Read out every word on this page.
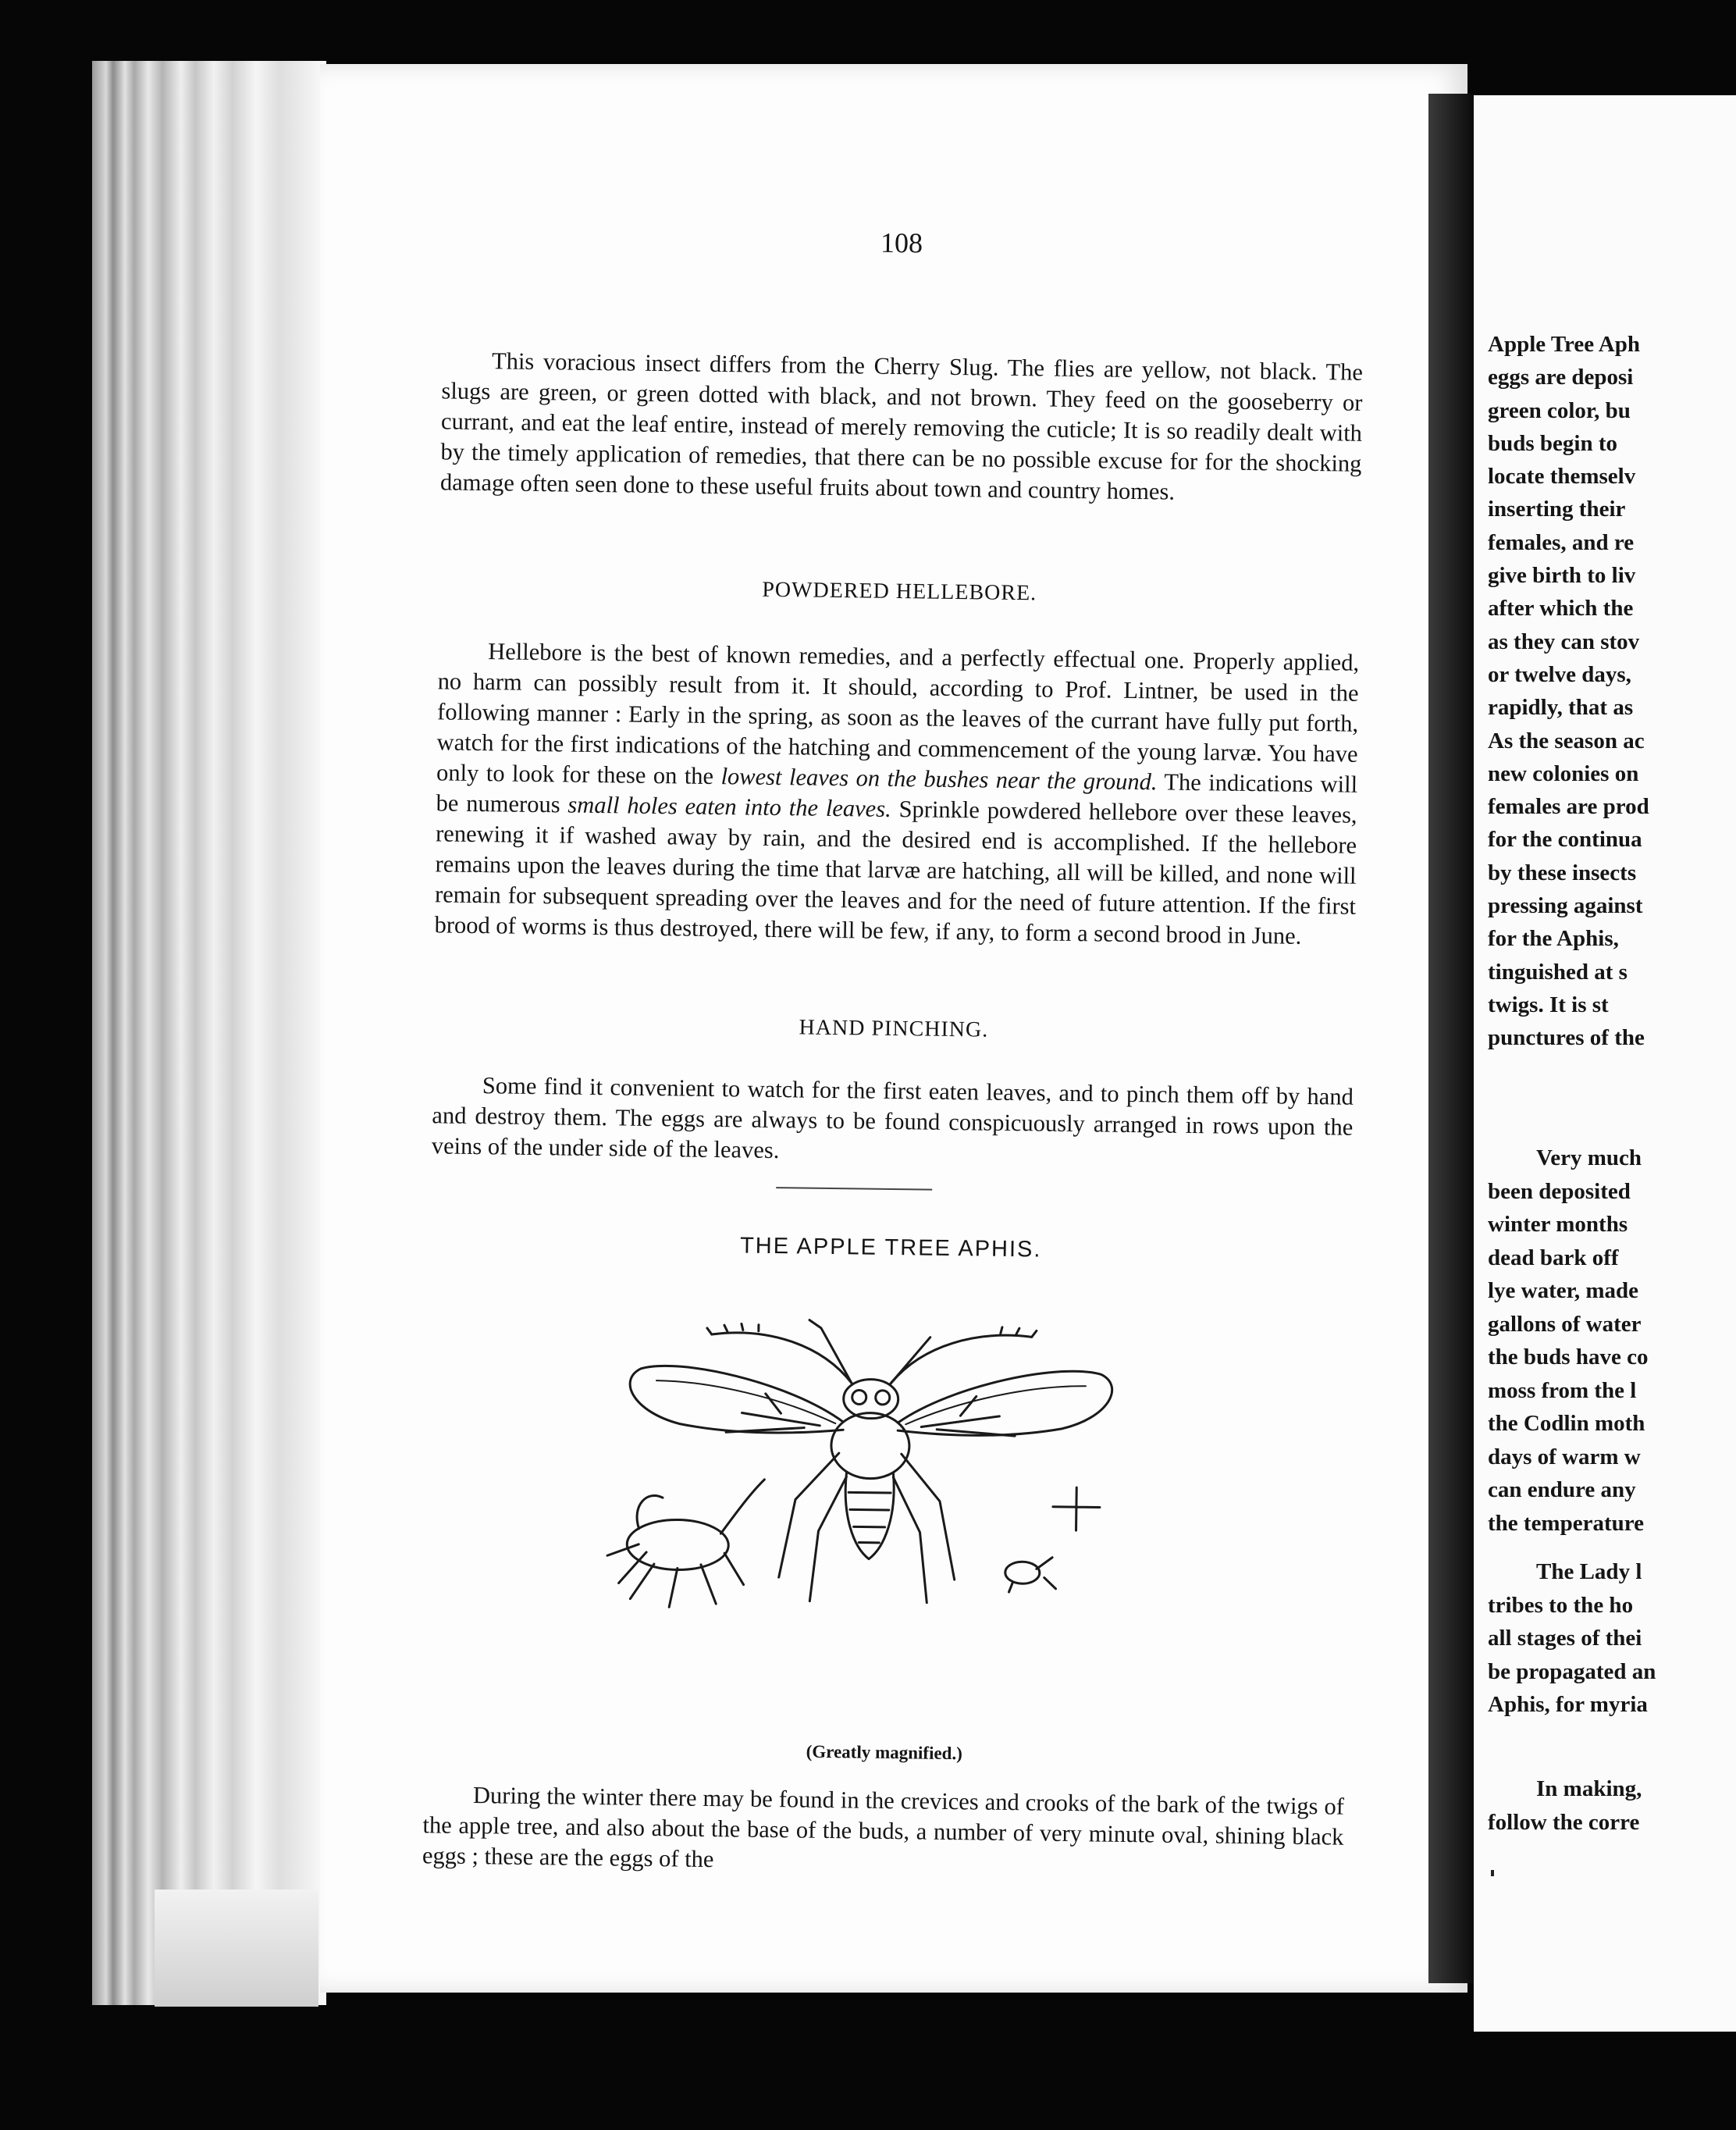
108

This voracious insect differs from the Cherry Slug. The flies are yellow, not black. The slugs are green, or green dotted with black, and not brown. They feed on the gooseberry or currant, and eat the leaf entire, instead of merely removing the cuticle; It is so readily dealt with by the timely application of remedies, that there can be no possible excuse for for the shocking damage often seen done to these useful fruits about town and country homes.

POWDERED HELLEBORE.

Hellebore is the best of known remedies, and a perfectly effectual one. Properly applied, no harm can possibly result from it. It should, according to Prof. Lintner, be used in the following manner : Early in the spring, as soon as the leaves of the currant have fully put forth, watch for the first indications of the hatching and commencement of the young larvæ. You have only to look for these on the lowest leaves on the bushes near the ground. The indications will be numerous small holes eaten into the leaves. Sprinkle powdered hellebore over these leaves, renewing it if washed away by rain, and the desired end is accomplished. If the hellebore remains upon the leaves during the time that larvæ are hatching, all will be killed, and none will remain for subsequent spreading over the leaves and for the need of future attention. If the first brood of worms is thus destroyed, there will be few, if any, to form a second brood in June.

HAND PINCHING.

Some find it convenient to watch for the first eaten leaves, and to pinch them off by hand and destroy them. The eggs are always to be found conspicuously arranged in rows upon the veins of the under side of the leaves.

THE APPLE TREE APHIS.
(Greatly magnified.)

During the winter there may be found in the crevices and crooks of the bark of the twigs of the apple tree, and also about the base of the buds, a number of very minute oval, shining black eggs ; these are the eggs of the

Apple Tree Aph
eggs are deposi
green color, bu
buds begin to
locate themselv
inserting their
females, and re
give birth to liv
after which the
as they can stov
or twelve days,
rapidly, that as
As the season ac
new colonies on
females are prod
for the continua
by these insects
pressing against
for the Aphis,
tinguished at s
twigs. It is st
punctures of the
Very much
been deposited
winter months
dead bark off
lye water, made
gallons of water
the buds have co
moss from the l
the Codlin moth
days of warm w
can endure any
the temperature
The Lady l
tribes to the ho
all stages of thei
be propagated an
Aphis, for myria
In making,
follow the corre
